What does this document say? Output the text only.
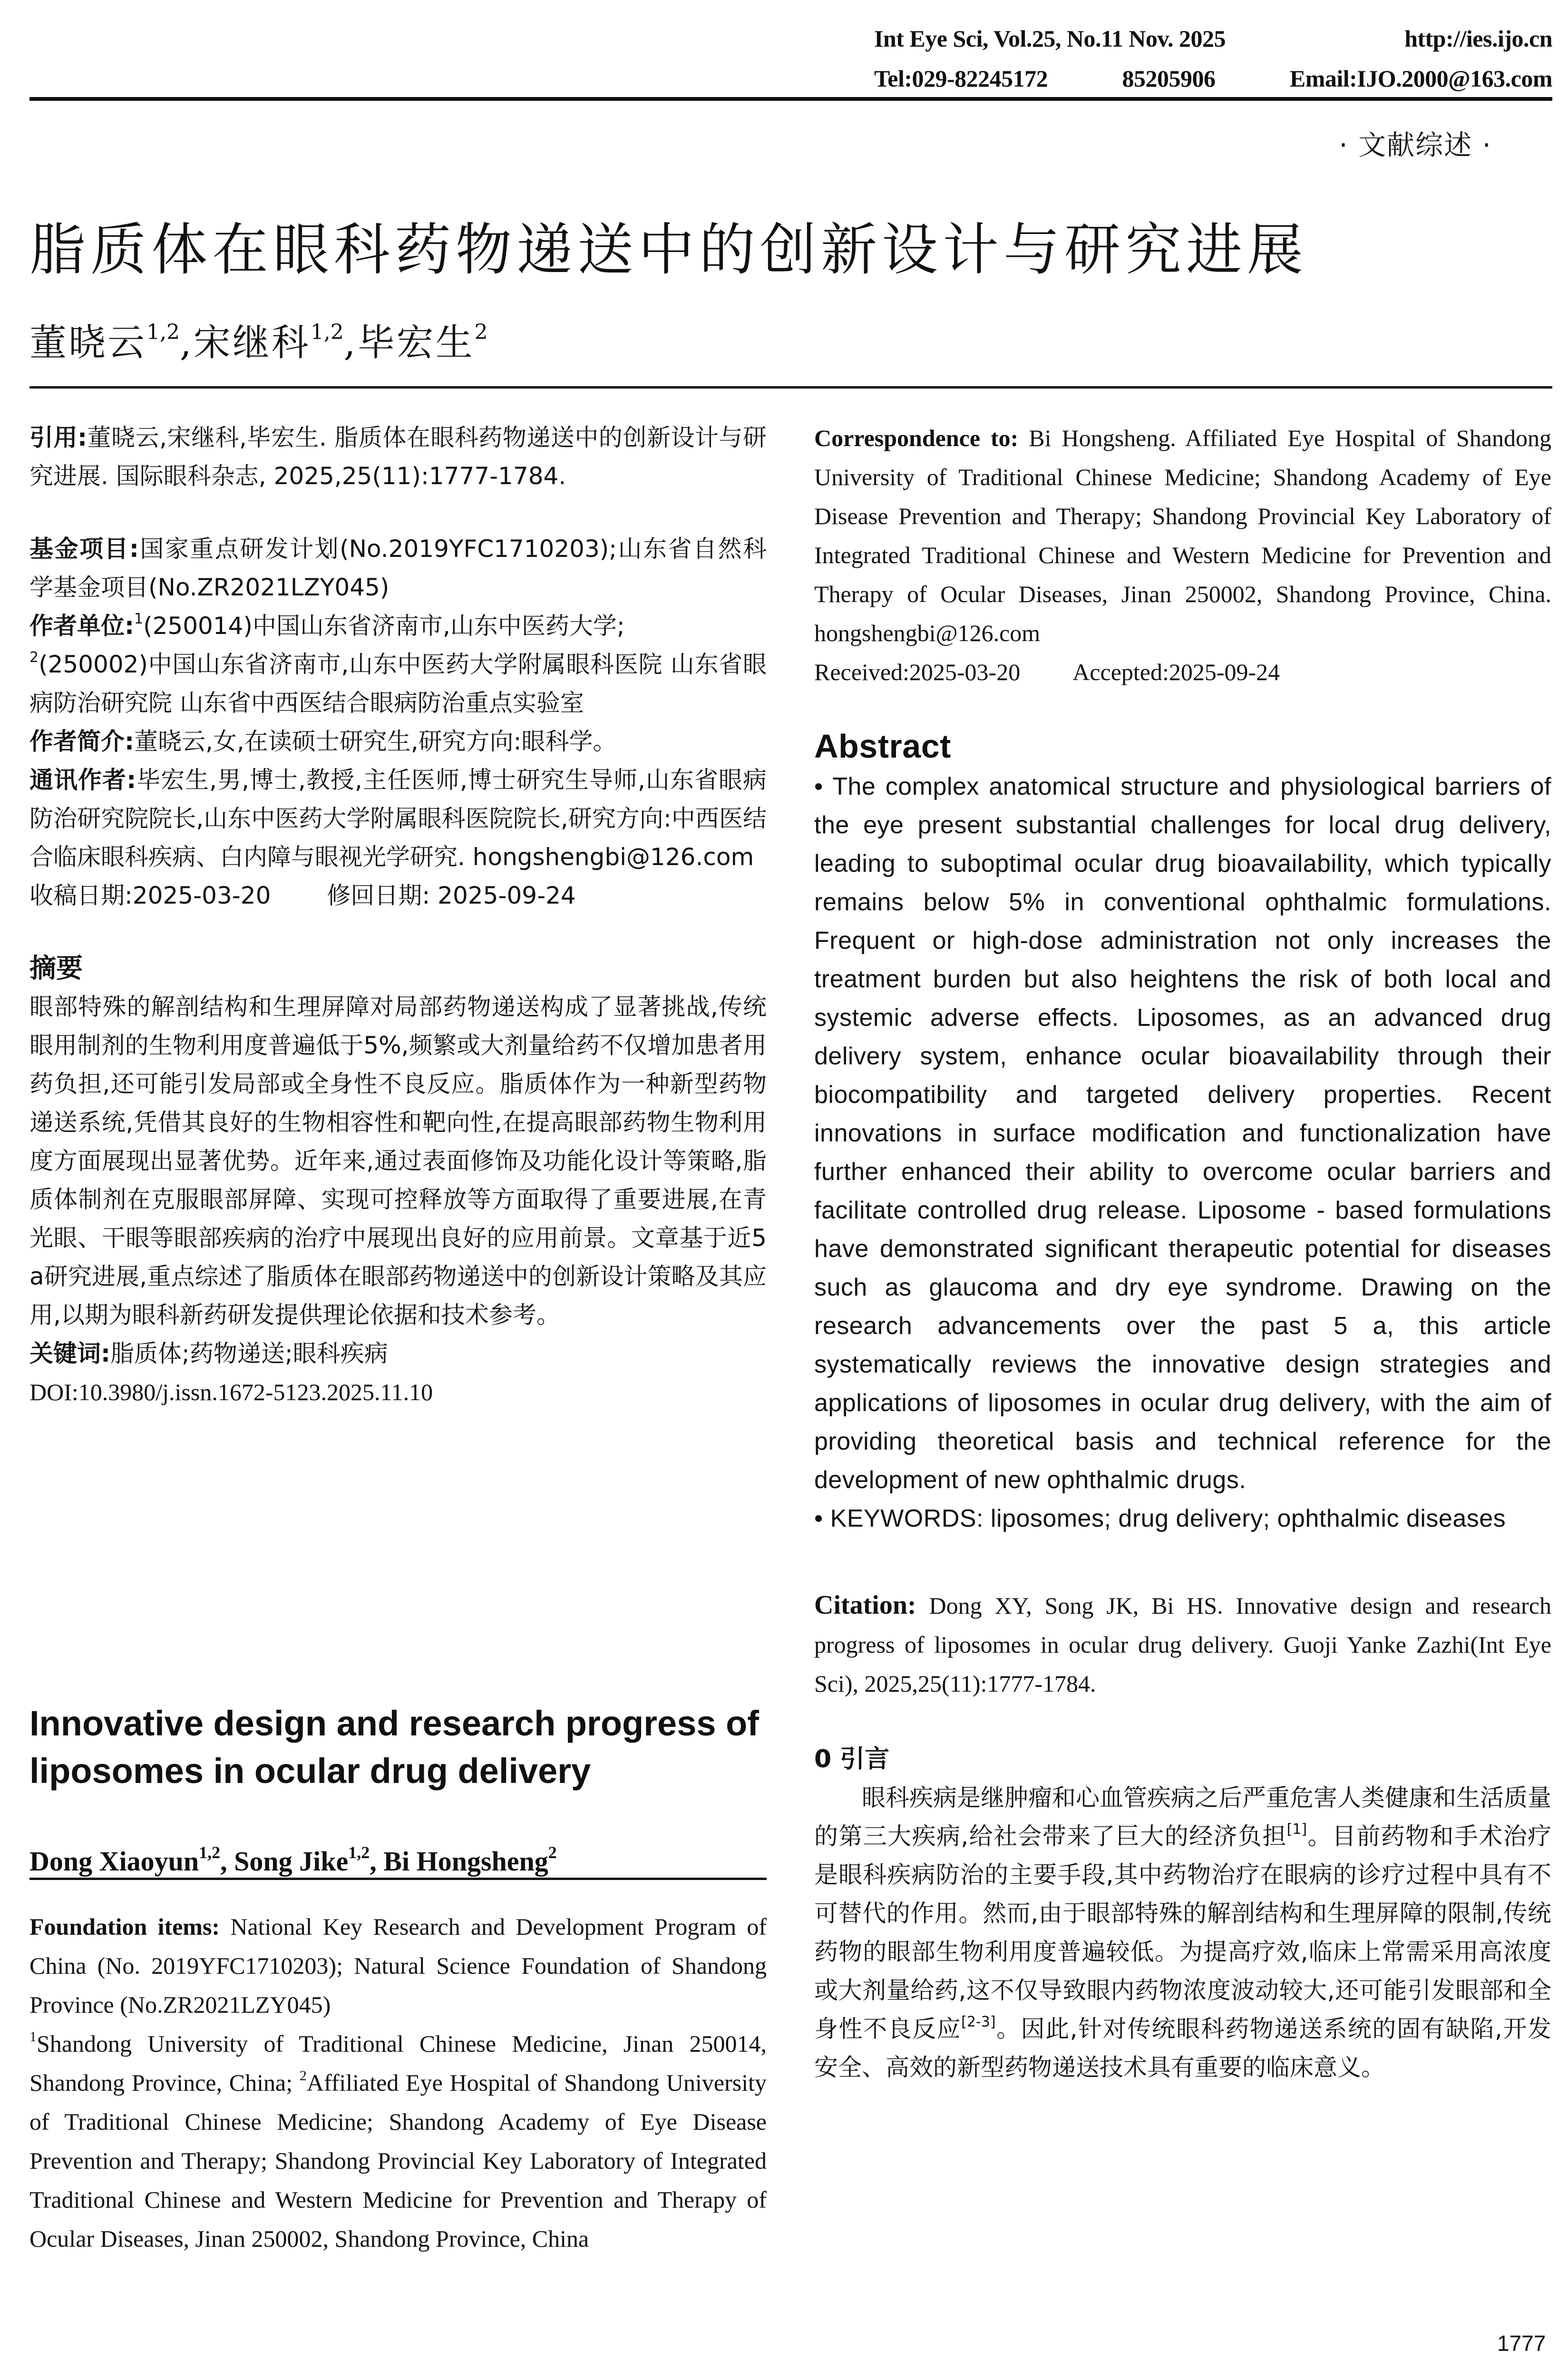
Int Eye Sci, Vol.25, No.11 Nov. 2025	http://ies.ijo.cn
Tel:029-82245172	85205906	Email:IJO.2000@163.com
· 文献综述 ·
脂质体在眼科药物递送中的创新设计与研究进展
董晓云$^{1,2}$,宋继科$^{1,2}$,毕宏生$^2$

引用:董晓云,宋继科,毕宏生. 脂质体在眼科药物递送中的创新设计与研究进展. 国际眼科杂志, 2025,25(11):1777-1784.

基金项目:国家重点研发计划(No.2019YFC1710203);山东省自然科学基金项目(No.ZR2021LZY045)

作者单位:$^1$(250014)中国山东省济南市,山东中医药大学;
$^2$(250002)中国山东省济南市,山东中医药大学附属眼科医院 山东省眼病防治研究院 山东省中西医结合眼病防治重点实验室

作者简介:董晓云,女,在读硕士研究生,研究方向:眼科学。

通讯作者:毕宏生,男,博士,教授,主任医师,博士研究生导师,山东省眼病防治研究院院长,山东中医药大学附属眼科医院院长,研究方向:中西医结合临床眼科疾病、白内障与眼视光学研究. hongshengbi@126.com

收稿日期:2025-03-20 修回日期: 2025-09-24

摘要

眼部特殊的解剖结构和生理屏障对局部药物递送构成了显著挑战,传统眼用制剂的生物利用度普遍低于5%,频繁或大剂量给药不仅增加患者用药负担,还可能引发局部或全身性不良反应。脂质体作为一种新型药物递送系统,凭借其良好的生物相容性和靶向性,在提高眼部药物生物利用度方面展现出显著优势。近年来,通过表面修饰及功能化设计等策略,脂质体制剂在克服眼部屏障、实现可控释放等方面取得了重要进展,在青光眼、干眼等眼部疾病的治疗中展现出良好的应用前景。文章基于近5 a研究进展,重点综述了脂质体在眼部药物递送中的创新设计策略及其应用,以期为眼科新药研发提供理论依据和技术参考。

关键词:脂质体;药物递送;眼科疾病

DOI:10.3980/j.issn.1672-5123.2025.11.10

Innovative design and research progress of liposomes in ocular drug delivery
Dong Xiaoyun$^{1,2}$, Song Jike$^{1,2}$, Bi Hongsheng$^2$

Foundation items: National Key Research and Development Program of China (No. 2019YFC1710203); Natural Science Foundation of Shandong Province (No.ZR2021LZY045)

$^1$Shandong University of Traditional Chinese Medicine, Jinan 250014, Shandong Province, China; $^2$Affiliated Eye Hospital of Shandong University of Traditional Chinese Medicine; Shandong Academy of Eye Disease Prevention and Therapy; Shandong Provincial Key Laboratory of Integrated Traditional Chinese and Western Medicine for Prevention and Therapy of Ocular Diseases, Jinan 250002, Shandong Province, China

Correspondence to: Bi Hongsheng. Affiliated Eye Hospital of Shandong University of Traditional Chinese Medicine; Shandong Academy of Eye Disease Prevention and Therapy; Shandong Provincial Key Laboratory of Integrated Traditional Chinese and Western Medicine for Prevention and Therapy of Ocular Diseases, Jinan 250002, Shandong Province, China. hongshengbi@126.com

Received:2025-03-20 Accepted:2025-09-24

Abstract

• The complex anatomical structure and physiological barriers of the eye present substantial challenges for local drug delivery, leading to suboptimal ocular drug bioavailability, which typically remains below 5% in conventional ophthalmic formulations. Frequent or high-dose administration not only increases the treatment burden but also heightens the risk of both local and systemic adverse effects. Liposomes, as an advanced drug delivery system, enhance ocular bioavailability through their biocompatibility and targeted delivery properties. Recent innovations in surface modification and functionalization have further enhanced their ability to overcome ocular barriers and facilitate controlled drug release. Liposome - based formulations have demonstrated significant therapeutic potential for diseases such as glaucoma and dry eye syndrome. Drawing on the research advancements over the past 5 a, this article systematically reviews the innovative design strategies and applications of liposomes in ocular drug delivery, with the aim of providing theoretical basis and technical reference for the development of new ophthalmic drugs.

• KEYWORDS: liposomes; drug delivery; ophthalmic diseases

Citation: Dong XY, Song JK, Bi HS. Innovative design and research progress of liposomes in ocular drug delivery. Guoji Yanke Zazhi(Int Eye Sci), 2025,25(11):1777-1784.

0 引言

眼科疾病是继肿瘤和心血管疾病之后严重危害人类健康和生活质量的第三大疾病,给社会带来了巨大的经济负担[1]。目前药物和手术治疗是眼科疾病防治的主要手段,其中药物治疗在眼病的诊疗过程中具有不可替代的作用。然而,由于眼部特殊的解剖结构和生理屏障的限制,传统药物的眼部生物利用度普遍较低。为提高疗效,临床上常需采用高浓度或大剂量给药,这不仅导致眼内药物浓度波动较大,还可能引发眼部和全身性不良反应[2-3]。因此,针对传统眼科药物递送系统的固有缺陷,开发安全、高效的新型药物递送技术具有重要的临床意义。

1777
